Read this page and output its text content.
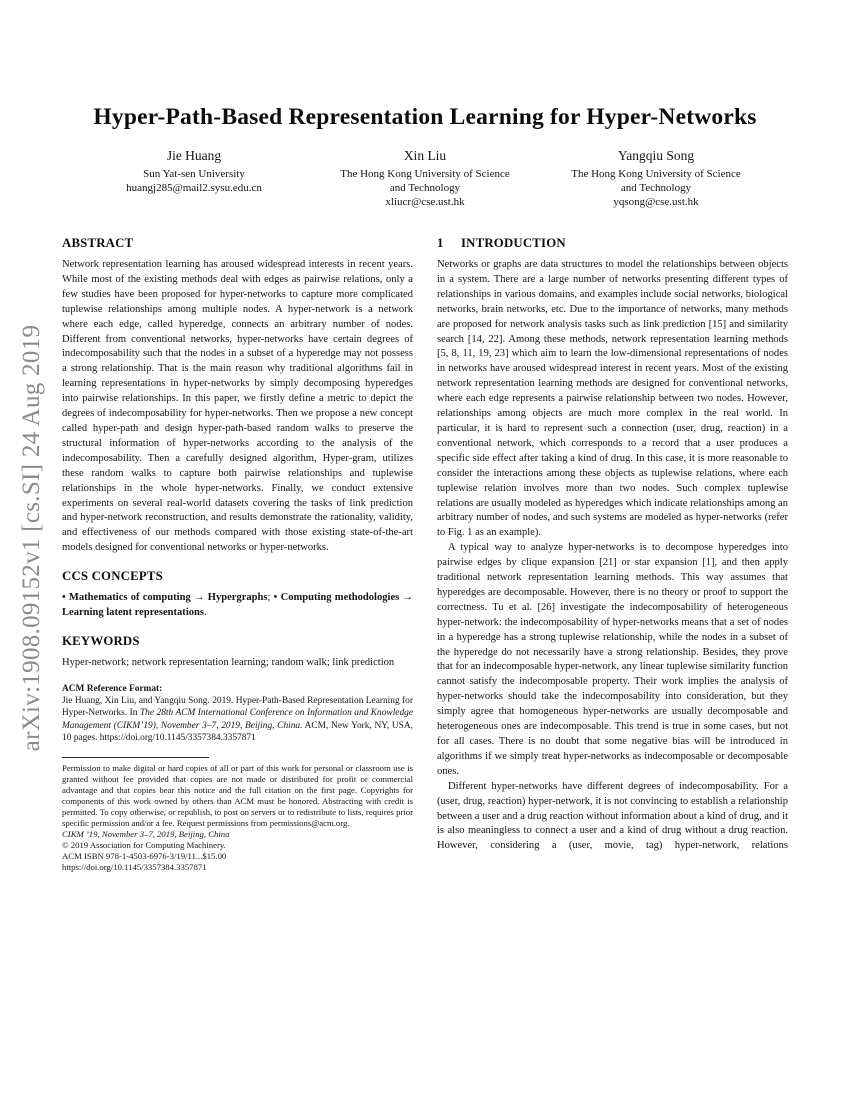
arXiv:1908.09152v1 [cs.SI] 24 Aug 2019
Hyper-Path-Based Representation Learning for Hyper-Networks
Jie Huang
Sun Yat-sen University
huangj285@mail2.sysu.edu.cn
Xin Liu
The Hong Kong University of Science
and Technology
xliucr@cse.ust.hk
Yangqiu Song
The Hong Kong University of Science
and Technology
yqsong@cse.ust.hk
ABSTRACT

Network representation learning has aroused widespread interests in recent years. While most of the existing methods deal with edges as pairwise relations, only a few studies have been proposed for hyper-networks to capture more complicated tuplewise relationships among multiple nodes. A hyper-network is a network where each edge, called hyperedge, connects an arbitrary number of nodes. Different from conventional networks, hyper-networks have certain degrees of indecomposability such that the nodes in a subset of a hyperedge may not possess a strong relationship. That is the main reason why traditional algorithms fail in learning representations in hyper-networks by simply decomposing hyperedges into pairwise relationships. In this paper, we firstly define a metric to depict the degrees of indecomposability for hyper-networks. Then we propose a new concept called hyper-path and design hyper-path-based random walks to preserve the structural information of hyper-networks according to the analysis of the indecomposability. Then a carefully designed algorithm, Hyper-gram, utilizes these random walks to capture both pairwise relationships and tuplewise relationships in the whole hyper-networks. Finally, we conduct extensive experiments on several real-world datasets covering the tasks of link prediction and hyper-network reconstruction, and results demonstrate the rationality, validity, and effectiveness of our methods compared with those existing state-of-the-art models designed for conventional networks or hyper-networks.

CCS CONCEPTS

• Mathematics of computing → Hypergraphs; • Computing methodologies → Learning latent representations.

KEYWORDS

Hyper-network; network representation learning; random walk; link prediction

ACM Reference Format:

Jie Huang, Xin Liu, and Yangqiu Song. 2019. Hyper-Path-Based Representation Learning for Hyper-Networks. In The 28th ACM International Conference on Information and Knowledge Management (CIKM’19), November 3–7, 2019, Beijing, China. ACM, New York, NY, USA, 10 pages. https://doi.org/10.1145/3357384.3357871

Permission to make digital or hard copies of all or part of this work for personal or classroom use is granted without fee provided that copies are not made or distributed for profit or commercial advantage and that copies bear this notice and the full citation on the first page. Copyrights for components of this work owned by others than ACM must be honored. Abstracting with credit is permitted. To copy otherwise, or republish, to post on servers or to redistribute to lists, requires prior specific permission and/or a fee. Request permissions from permissions@acm.org.

CIKM ’19, November 3–7, 2019, Beijing, China
© 2019 Association for Computing Machinery.
ACM ISBN 978-1-4503-6976-3/19/11...$15.00
https://doi.org/10.1145/3357384.3357871
1 INTRODUCTION

Networks or graphs are data structures to model the relationships between objects in a system. There are a large number of networks presenting different types of relationships in various domains, and examples include social networks, biological networks, brain networks, etc. Due to the importance of networks, many methods are proposed for network analysis tasks such as link prediction [15] and similarity search [14, 22]. Among these methods, network representation learning methods [5, 8, 11, 19, 23] which aim to learn the low-dimensional representations of nodes in networks have aroused widespread interest in recent years. Most of the existing network representation learning methods are designed for conventional networks, where each edge represents a pairwise relationship between two nodes. However, relationships among objects are much more complex in the real world. In particular, it is hard to represent such a connection (user, drug, reaction) in a conventional network, which corresponds to a record that a user produces a specific side effect after taking a kind of drug. In this case, it is more reasonable to consider the interactions among these objects as tuplewise relations, where each tuplewise relation involves more than two nodes. Such complex tuplewise relations are usually modeled as hyperedges which indicate relationships among an arbitrary number of nodes, and such systems are modeled as hyper-networks (refer to Fig. 1 as an example).

A typical way to analyze hyper-networks is to decompose hyperedges into pairwise edges by clique expansion [21] or star expansion [1], and then apply traditional network representation learning methods. This way assumes that hyperedges are decomposable. However, there is no theory or proof to support the correctness. Tu et al. [26] investigate the indecomposability of heterogeneous hyper-network: the indecomposability of hyper-networks means that a set of nodes in a hyperedge has a strong tuplewise relationship, while the nodes in a subset of the hyperedge do not necessarily have a strong relationship. Besides, they prove that for an indecomposable hyper-network, any linear tuplewise similarity function cannot satisfy the indecomposable property. Their work implies the analysis of hyper-networks should take the indecomposability into consideration, but they simply agree that homogeneous hyper-networks are usually decomposable and heterogeneous ones are indecomposable. This trend is true in some cases, but not for all cases. There is no doubt that some negative bias will be introduced in algorithms if we simply treat hyper-networks as indecomposable or decomposable ones.

Different hyper-networks have different degrees of indecomposability. For a (user, drug, reaction) hyper-network, it is not convincing to establish a relationship between a user and a drug reaction without information about a kind of drug, and it is also meaningless to connect a user and a kind of drug without a drug reaction. However, considering a (user, movie, tag) hyper-network, relations
